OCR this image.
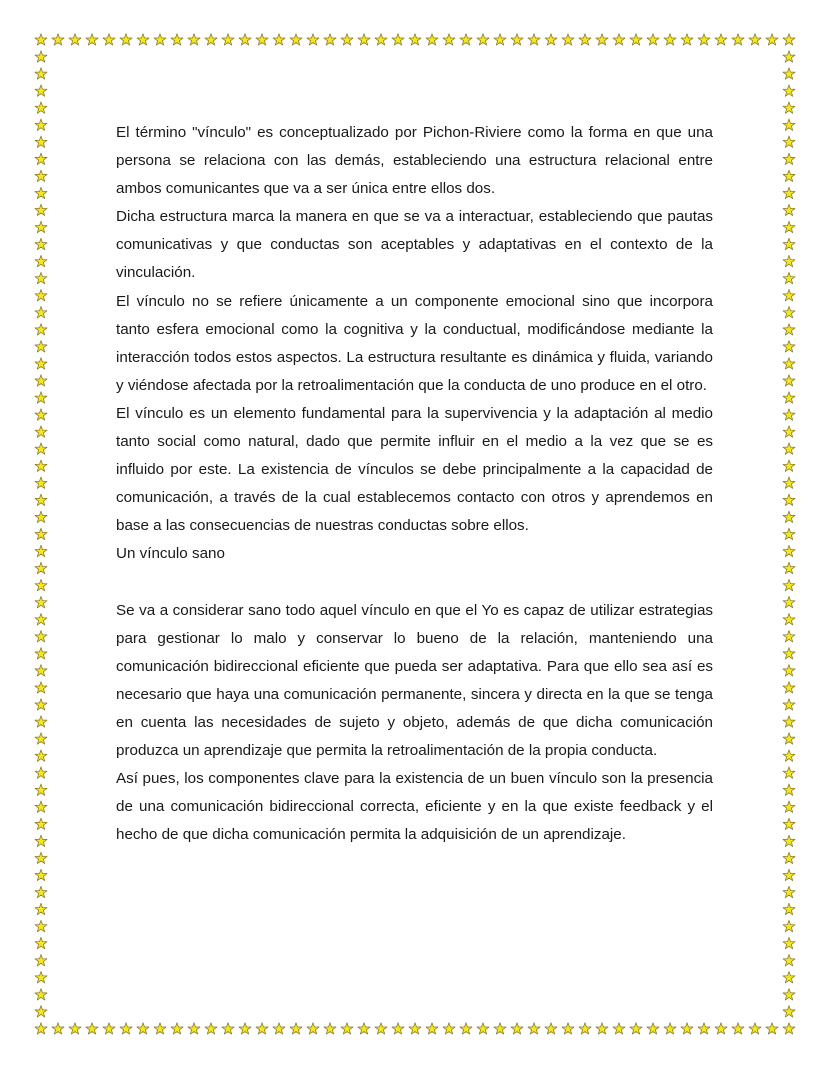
El término "vínculo" es conceptualizado por Pichon-Riviere como la forma en que una persona se relaciona con las demás, estableciendo una estructura relacional entre ambos comunicantes que va a ser única entre ellos dos.

Dicha estructura marca la manera en que se va a interactuar, estableciendo que pautas comunicativas y que conductas son aceptables y adaptativas en el contexto de la vinculación.

El vínculo no se refiere únicamente a un componente emocional sino que incorpora tanto esfera emocional como la cognitiva y la conductual, modificándose mediante la interacción todos estos aspectos. La estructura resultante es dinámica y fluida, variando y viéndose afectada por la retroalimentación que la conducta de uno produce en el otro.

El vínculo es un elemento fundamental para la supervivencia y la adaptación al medio tanto social como natural, dado que permite influir en el medio a la vez que se es influido por este. La existencia de vínculos se debe principalmente a la capacidad de comunicación, a través de la cual establecemos contacto con otros y aprendemos en base a las consecuencias de nuestras conductas sobre ellos.

Un vínculo sano

Se va a considerar sano todo aquel vínculo en que el Yo es capaz de utilizar estrategias para gestionar lo malo y conservar lo bueno de la relación, manteniendo una comunicación bidireccional eficiente que pueda ser adaptativa. Para que ello sea así es necesario que haya una comunicación permanente, sincera y directa en la que se tenga en cuenta las necesidades de sujeto y objeto, además de que dicha comunicación produzca un aprendizaje que permita la retroalimentación de la propia conducta.

Así pues, los componentes clave para la existencia de un buen vínculo son la presencia de una comunicación bidireccional correcta, eficiente y en la que existe feedback y el hecho de que dicha comunicación permita la adquisición de un aprendizaje.
